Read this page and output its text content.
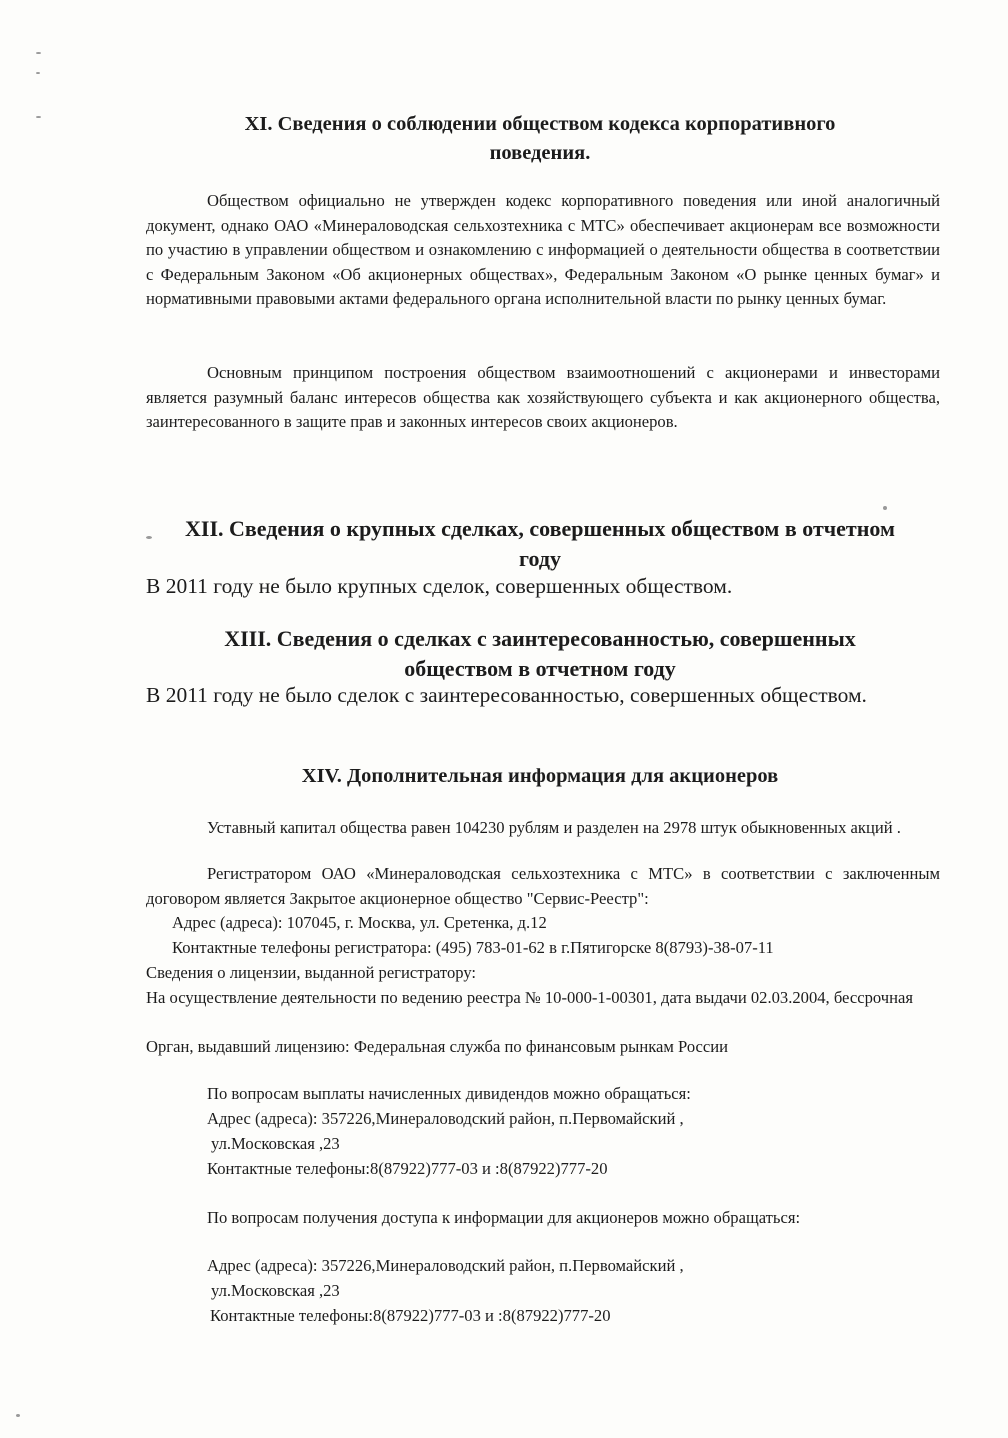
XI. Сведения о соблюдении обществом кодекса корпоративного
поведения.

Обществом официально не утвержден кодекс корпоративного поведения или иной аналогичный документ, однако ОАО «Минераловодская сельхозтехника с МТС» обеспечивает акционерам все возможности по участию в управлении обществом и ознакомлению с информацией о деятельности общества в соответствии с Федеральным Законом «Об акционерных обществах», Федеральным Законом «О рынке ценных бумаг» и нормативными правовыми актами федерального органа исполнительной власти по рынку ценных бумаг.

Основным принципом построения обществом взаимоотношений с акционерами и инвесторами является разумный баланс интересов общества как хозяйствующего субъекта и как акционерного общества, заинтересованного в защите прав и законных интересов своих акционеров.

XII. Сведения о крупных сделках, совершенных обществом в отчетном
году

В 2011 году не было крупных сделок, совершенных обществом.

XIII. Сведения о сделках с заинтересованностью, совершенных
обществом в отчетном году

В 2011 году не было сделок с заинтересованностью, совершенных обществом.

XIV. Дополнительная информация для акционеров

Уставный капитал общества равен 104230 рублям и разделен на 2978 штук обыкновенных акций .

Регистратором ОАО «Минераловодская сельхозтехника с МТС» в соответствии с заключенным договором является Закрытое акционерное общество "Сервис-Реестр":

Адрес (адреса): 107045, г. Москва, ул. Сретенка, д.12

Контактные телефоны регистратора: (495) 783-01-62 в г.Пятигорске 8(8793)-38-07-11

Сведения о лицензии, выданной регистратору:

На осуществление деятельности по ведению реестра № 10-000-1-00301, дата выдачи 02.03.2004, бессрочная

Орган, выдавший лицензию: Федеральная служба по финансовым рынкам России

По вопросам выплаты начисленных дивидендов можно обращаться:

Адрес (адреса): 357226,Минераловодский район, п.Первомайский ,

ул.Московская ,23

Контактные телефоны:8(87922)777-03 и :8(87922)777-20

По вопросам получения доступа к информации для акционеров можно обращаться:

Адрес (адреса): 357226,Минераловодский район, п.Первомайский ,

ул.Московская ,23

Контактные телефоны:8(87922)777-03 и :8(87922)777-20
